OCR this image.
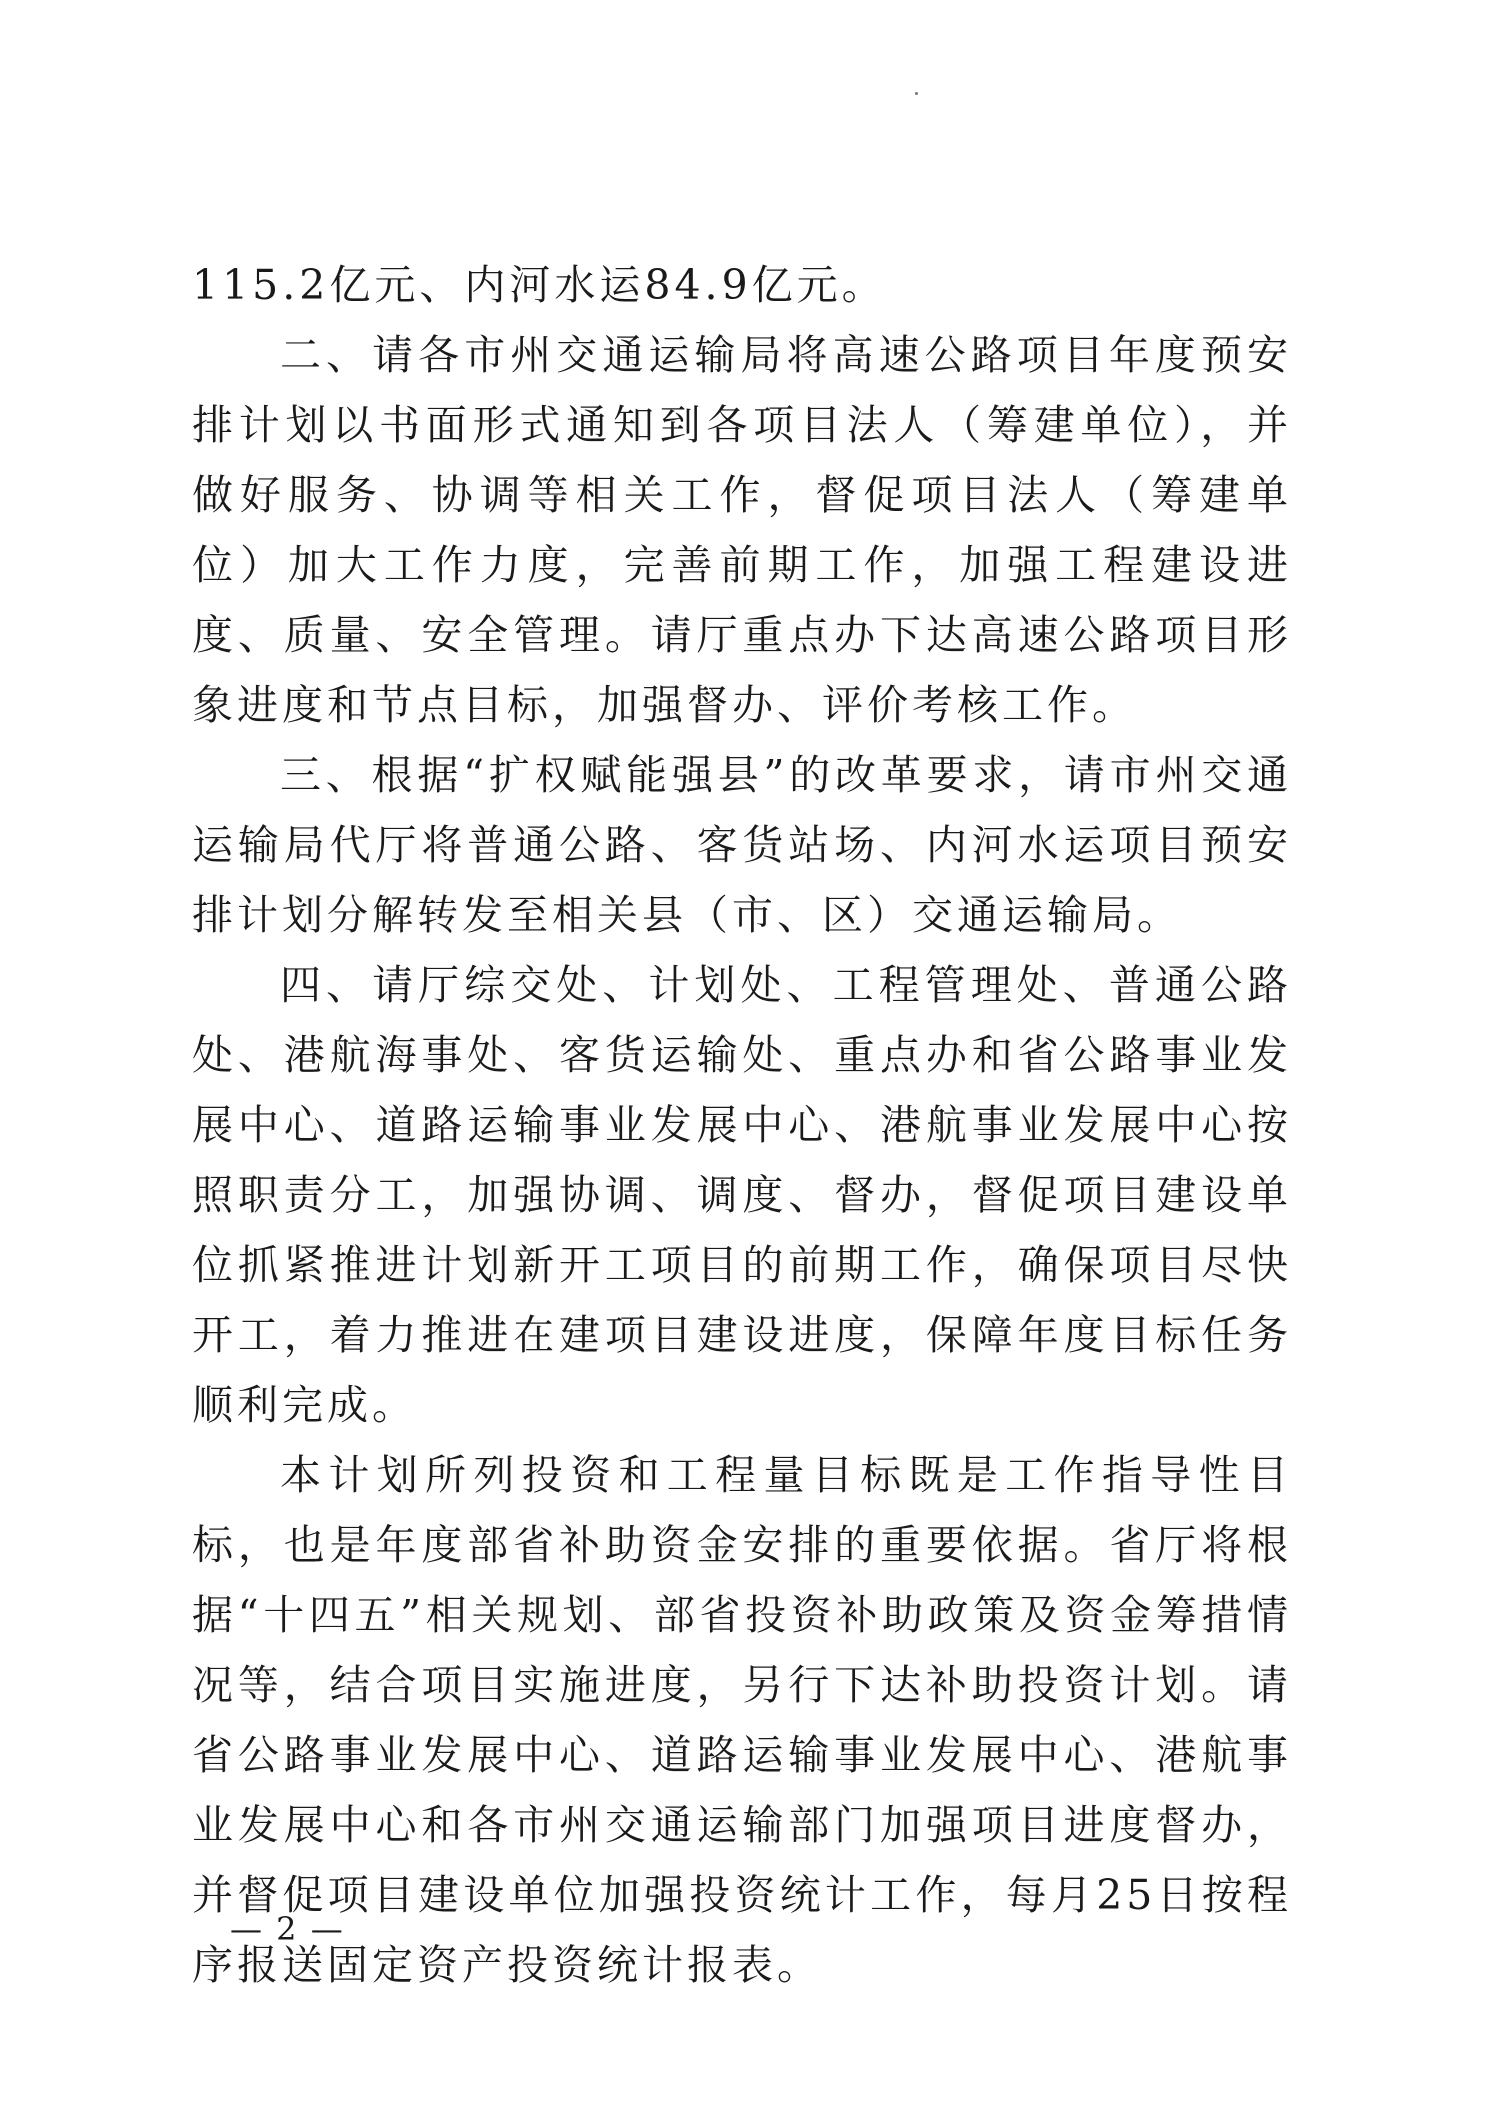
115.2亿元、内河水运84.9亿元。

二、请各市州交通运输局将高速公路项目年度预安排计划以书面形式通知到各项目法人（筹建单位），并做好服务、协调等相关工作，督促项目法人（筹建单位）加大工作力度，完善前期工作，加强工程建设进度、质量、安全管理。请厅重点办下达高速公路项目形象进度和节点目标，加强督办、评价考核工作。

三、根据“扩权赋能强县”的改革要求，请市州交通运输局代厅将普通公路、客货站场、内河水运项目预安排计划分解转发至相关县（市、区）交通运输局。

四、请厅综交处、计划处、工程管理处、普通公路处、港航海事处、客货运输处、重点办和省公路事业发展中心、道路运输事业发展中心、港航事业发展中心按照职责分工，加强协调、调度、督办，督促项目建设单位抓紧推进计划新开工项目的前期工作，确保项目尽快开工，着力推进在建项目建设进度，保障年度目标任务顺利完成。

本计划所列投资和工程量目标既是工作指导性目标，也是年度部省补助资金安排的重要依据。省厅将根据“十四五”相关规划、部省投资补助政策及资金筹措情况等，结合项目实施进度，另行下达补助投资计划。请省公路事业发展中心、道路运输事业发展中心、港航事业发展中心和各市州交通运输部门加强项目进度督办，并督促项目建设单位加强投资统计工作，每月25日按程序报送固定资产投资统计报表。

— 2 —
